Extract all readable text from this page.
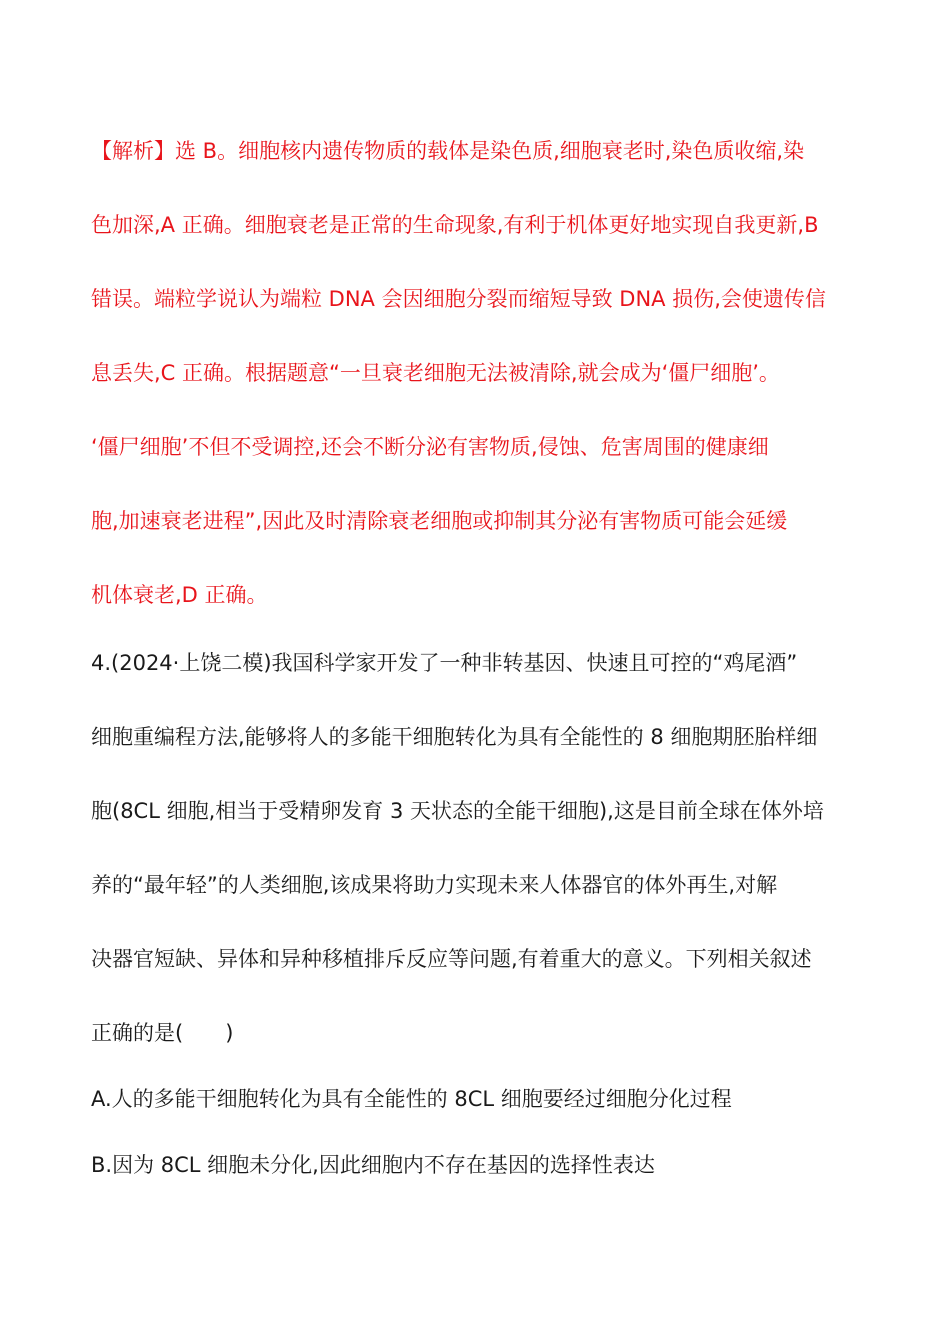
【解析】选 B。细胞核内遗传物质的载体是染色质,细胞衰老时,染色质收缩,染
色加深,A 正确。细胞衰老是正常的生命现象,有利于机体更好地实现自我更新,B
错误。端粒学说认为端粒 DNA 会因细胞分裂而缩短导致 DNA 损伤,会使遗传信
息丢失,C 正确。根据题意“一旦衰老细胞无法被清除,就会成为‘僵尸细胞’。
‘僵尸细胞’不但不受调控,还会不断分泌有害物质,侵蚀、危害周围的健康细
胞,加速衰老进程”,因此及时清除衰老细胞或抑制其分泌有害物质可能会延缓
机体衰老,D 正确。
4.(2024·上饶二模)我国科学家开发了一种非转基因、快速且可控的“鸡尾酒”
细胞重编程方法,能够将人的多能干细胞转化为具有全能性的 8 细胞期胚胎样细
胞(8CL 细胞,相当于受精卵发育 3 天状态的全能干细胞),这是目前全球在体外培
养的“最年轻”的人类细胞,该成果将助力实现未来人体器官的体外再生,对解
决器官短缺、异体和异种移植排斥反应等问题,有着重大的意义。下列相关叙述
正确的是(　　)
A.人的多能干细胞转化为具有全能性的 8CL 细胞要经过细胞分化过程
B.因为 8CL 细胞未分化,因此细胞内不存在基因的选择性表达
